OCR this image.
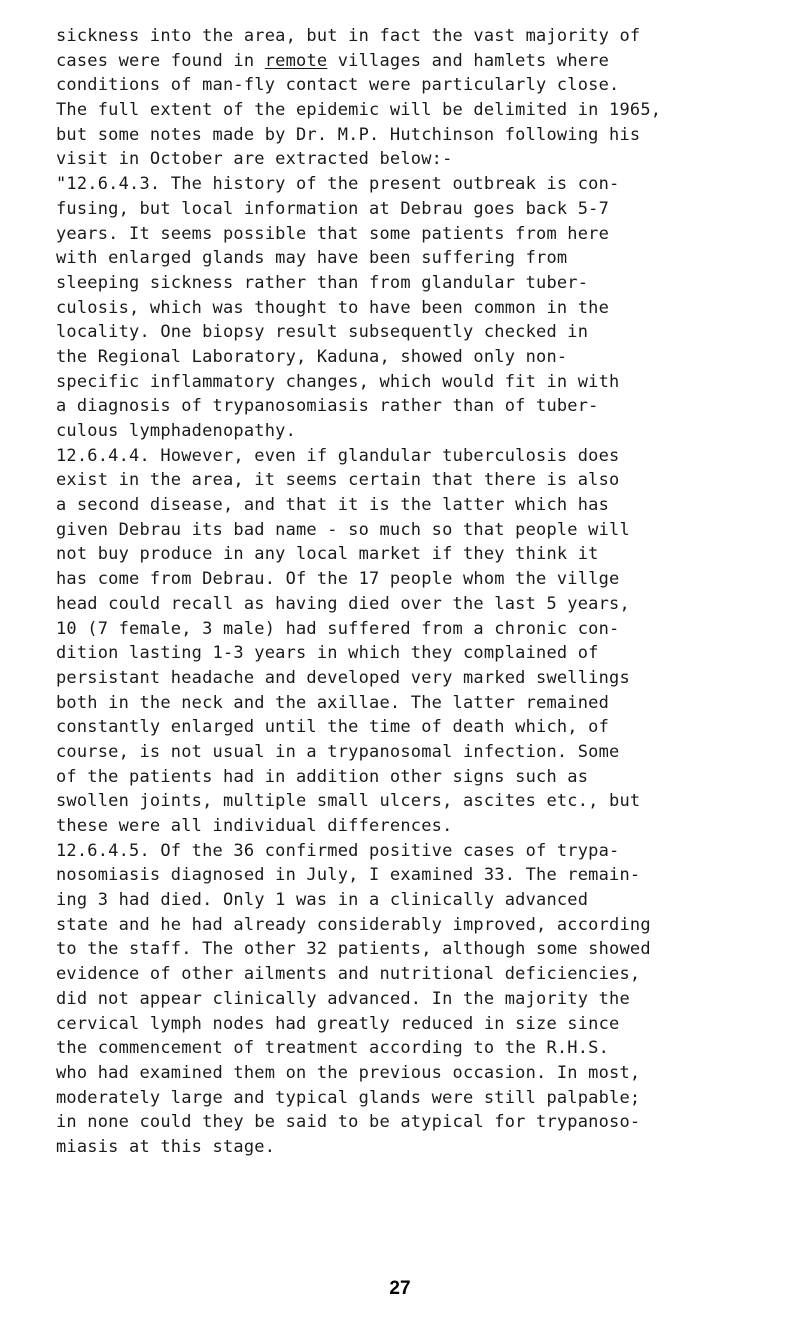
sickness into the area, but in fact the vast majority of
cases were found in remote villages and hamlets where
conditions of man-fly contact were particularly close.
The full extent of the epidemic will be delimited in 1965,
but some notes made by Dr. M.P. Hutchinson following his
visit in October are extracted below:-
"12.6.4.3. The history of the present outbreak is con-
fusing, but local information at Debrau goes back 5-7
years. It seems possible that some patients from here
with enlarged glands may have been suffering from
sleeping sickness rather than from glandular tuber-
culosis, which was thought to have been common in the
locality. One biopsy result subsequently checked in
the Regional Laboratory, Kaduna, showed only non-
specific inflammatory changes, which would fit in with
a diagnosis of trypanosomiasis rather than of tuber-
culous lymphadenopathy.
12.6.4.4. However, even if glandular tuberculosis does
exist in the area, it seems certain that there is also
a second disease, and that it is the latter which has
given Debrau its bad name - so much so that people will
not buy produce in any local market if they think it
has come from Debrau. Of the 17 people whom the villge
head could recall as having died over the last 5 years,
10 (7 female, 3 male) had suffered from a chronic con-
dition lasting 1-3 years in which they complained of
persistant headache and developed very marked swellings
both in the neck and the axillae. The latter remained
constantly enlarged until the time of death which, of
course, is not usual in a trypanosomal infection. Some
of the patients had in addition other signs such as
swollen joints, multiple small ulcers, ascites etc., but
these were all individual differences.
12.6.4.5. Of the 36 confirmed positive cases of trypa-
nosomiasis diagnosed in July, I examined 33. The remain-
ing 3 had died. Only 1 was in a clinically advanced
state and he had already considerably improved, according
to the staff. The other 32 patients, although some showed
evidence of other ailments and nutritional deficiencies,
did not appear clinically advanced. In the majority the
cervical lymph nodes had greatly reduced in size since
the commencement of treatment according to the R.H.S.
who had examined them on the previous occasion. In most,
moderately large and typical glands were still palpable;
in none could they be said to be atypical for trypanoso-
miasis at this stage.
27
